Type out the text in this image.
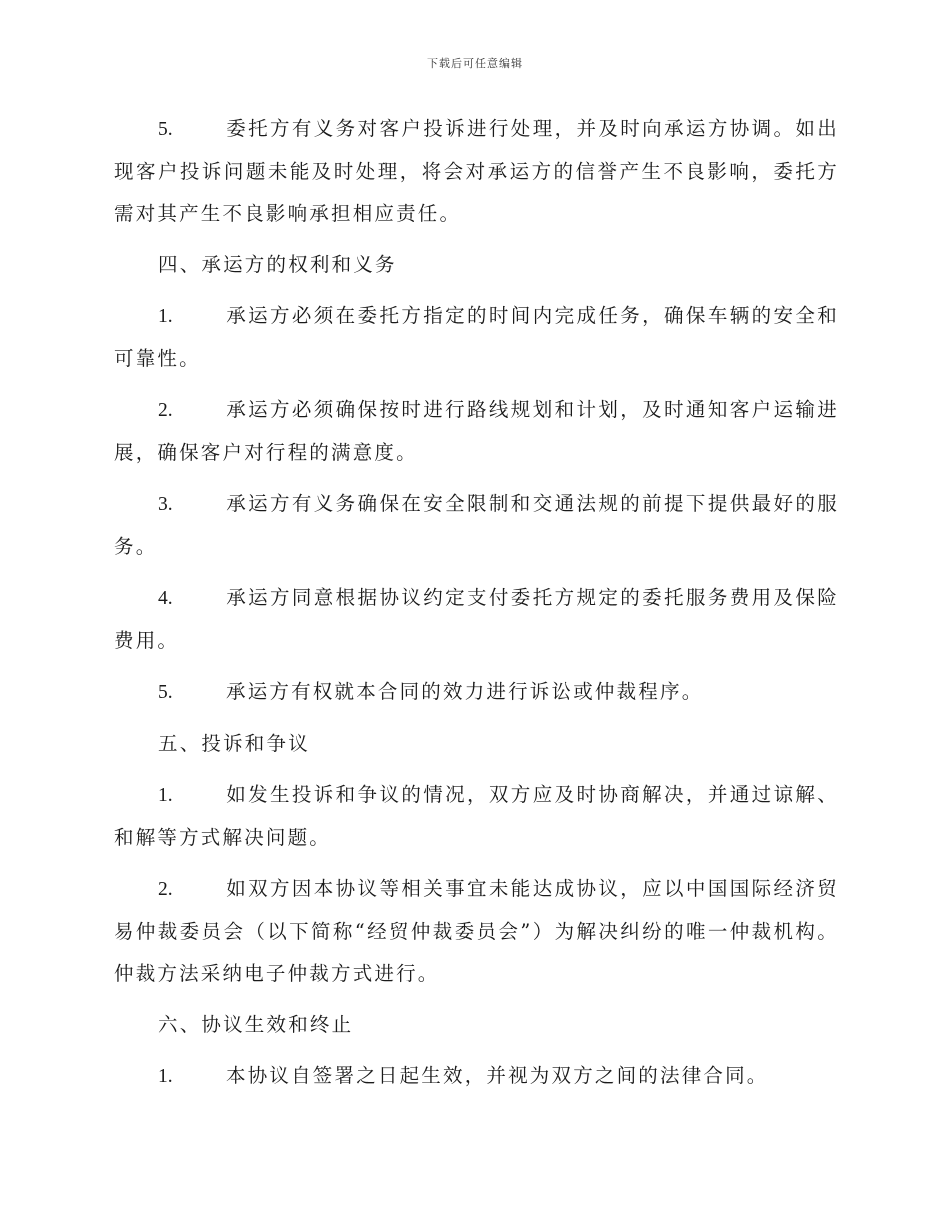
下载后可任意编辑

5.	委托方有义务对客户投诉进行处理，并及时向承运方协调。如出现客户投诉问题未能及时处理，将会对承运方的信誉产生不良影响，委托方需对其产生不良影响承担相应责任。

四、承运方的权利和义务

1.	承运方必须在委托方指定的时间内完成任务，确保车辆的安全和可靠性。

2.	承运方必须确保按时进行路线规划和计划，及时通知客户运输进展，确保客户对行程的满意度。

3.	承运方有义务确保在安全限制和交通法规的前提下提供最好的服务。

4.	承运方同意根据协议约定支付委托方规定的委托服务费用及保险费用。

5.	承运方有权就本合同的效力进行诉讼或仲裁程序。

五、投诉和争议

1.	如发生投诉和争议的情况，双方应及时协商解决，并通过谅解、和解等方式解决问题。

2.	如双方因本协议等相关事宜未能达成协议，应以中国国际经济贸易仲裁委员会（以下简称“经贸仲裁委员会”）为解决纠纷的唯一仲裁机构。仲裁方法采纳电子仲裁方式进行。

六、协议生效和终止

1.	本协议自签署之日起生效，并视为双方之间的法律合同。
